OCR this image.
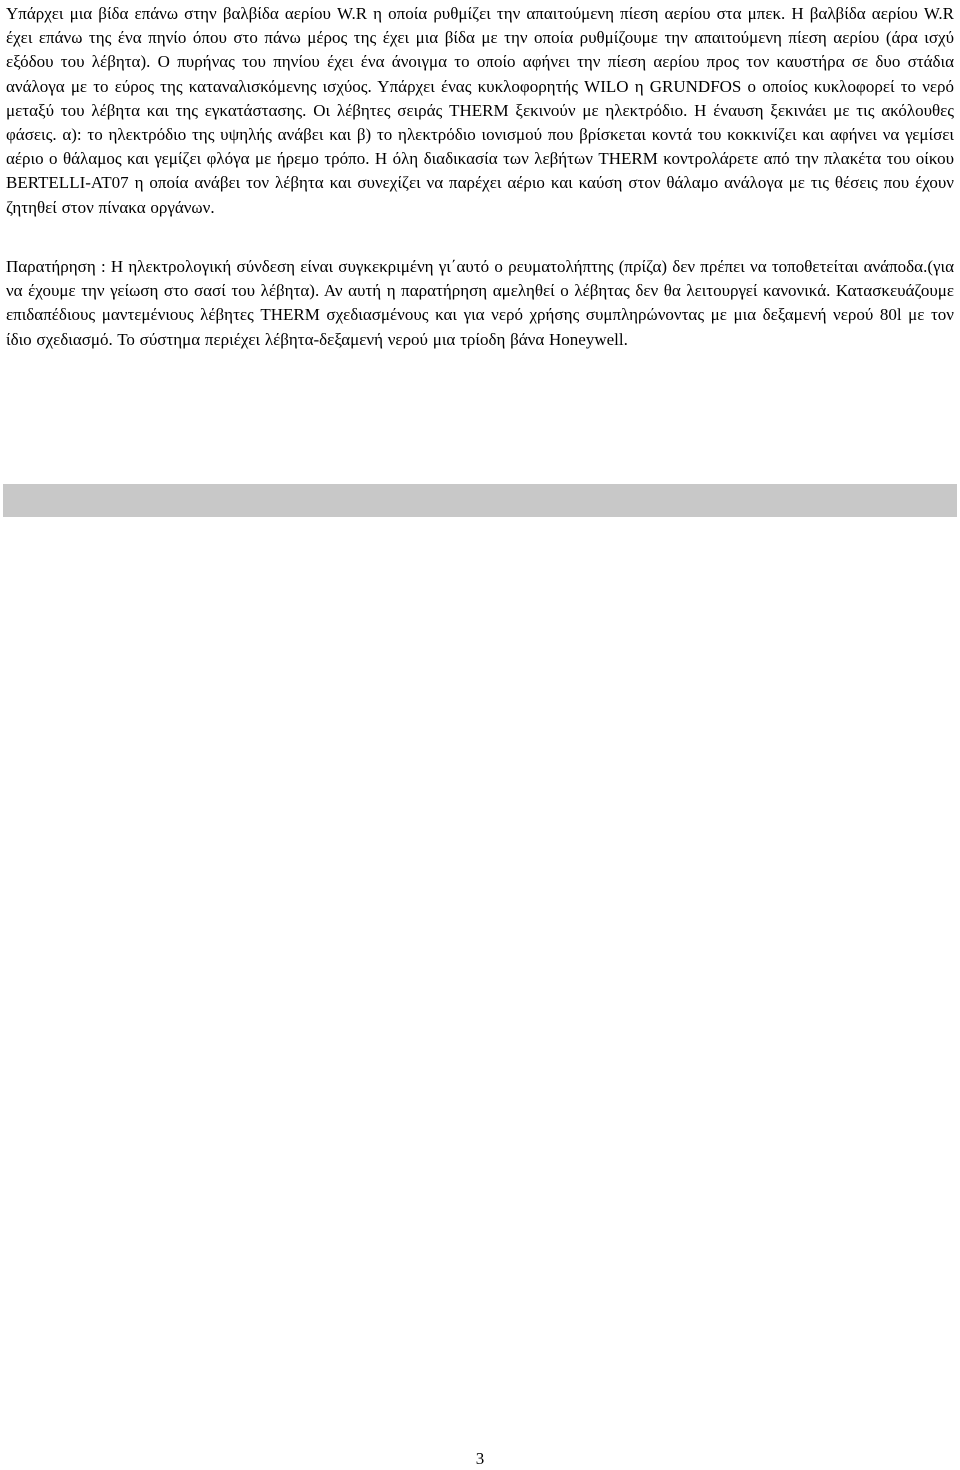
Υπάρχει μια βίδα επάνω στην βαλβίδα αερίου W.R η οποία ρυθμίζει την απαιτούμενη πίεση αερίου στα μπεκ. Η βαλβίδα αερίου W.R έχει επάνω της ένα πηνίο όπου στο πάνω μέρος της έχει μια βίδα με την οποία ρυθμίζουμε την απαιτούμενη πίεση αερίου (άρα ισχύ εξόδου του λέβητα). Ο πυρήνας του πηνίου έχει ένα άνοιγμα το οποίο αφήνει την πίεση αερίου προς τον καυστήρα σε δυο στάδια ανάλογα με το εύρος της καταναλισκόμενης ισχύος. Υπάρχει ένας κυκλοφορητής WILO η GRUNDFOS ο οποίος κυκλοφορεί το νερό μεταξύ του λέβητα και της εγκατάστασης. Οι λέβητες σειράς THERM ξεκινούν με ηλεκτρόδιο. Η έναυση ξεκινάει με τις ακόλουθες φάσεις. α): το ηλεκτρόδιο της υψηλής ανάβει και β) το ηλεκτρόδιο ιονισμού που βρίσκεται κοντά του κοκκινίζει και αφήνει να γεμίσει αέριο ο θάλαμος και γεμίζει φλόγα με ήρεμο τρόπο. Η όλη διαδικασία των λεβήτων THERM κοντρολάρετε από την πλακέτα του οίκου BERTELLI-AT07 η οποία ανάβει τον λέβητα και συνεχίζει να παρέχει αέριο και καύση στον θάλαμο ανάλογα με τις θέσεις που έχουν ζητηθεί στον πίνακα οργάνων.

Παρατήρηση : Η ηλεκτρολογική σύνδεση είναι συγκεκριμένη γι΄αυτό ο ρευματολήπτης (πρίζα) δεν πρέπει να τοποθετείται ανάποδα.(για να έχουμε την γείωση στο σασί του λέβητα). Αν αυτή η παρατήρηση αμεληθεί ο λέβητας δεν θα λειτουργεί κανονικά. Κατασκευάζουμε επιδαπέδιους μαντεμένιους λέβητες THERM σχεδιασμένους και για νερό χρήσης συμπληρώνοντας με μια δεξαμενή νερού 80l με τον ίδιο σχεδιασμό. Το σύστημα περιέχει λέβητα-δεξαμενή νερού μια τρίοδη βάνα Honeywell.

3
